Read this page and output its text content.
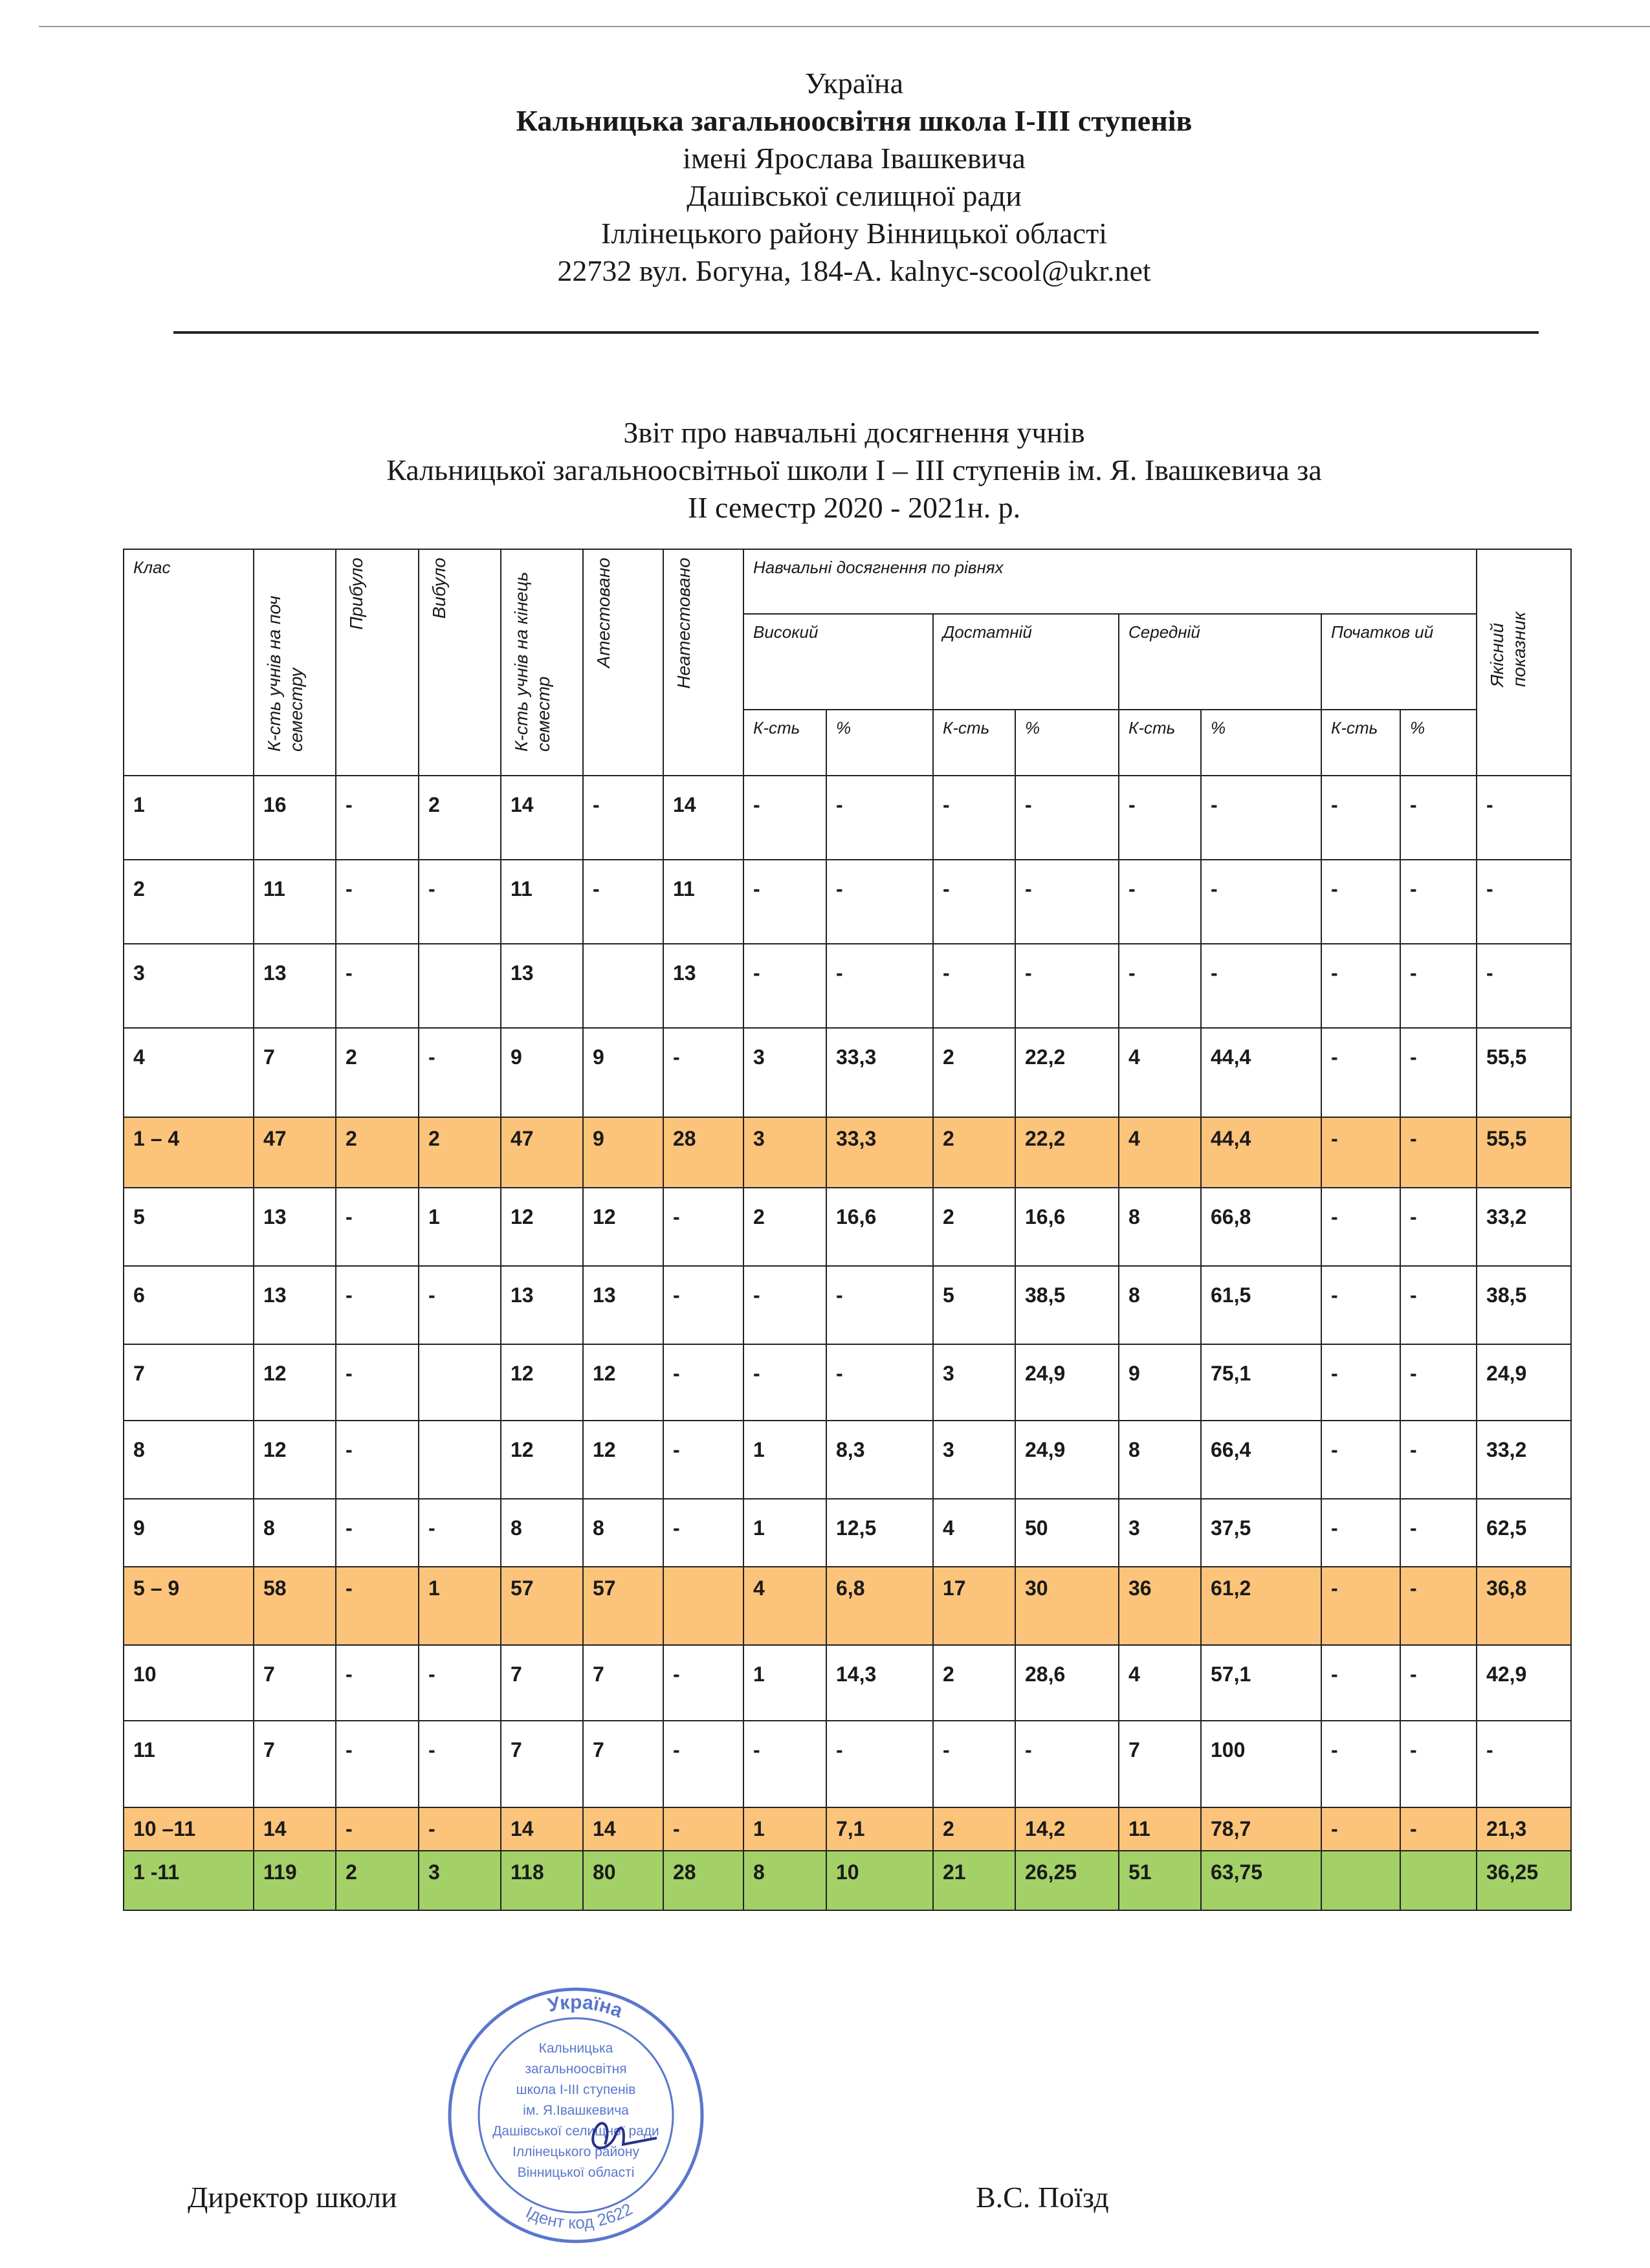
Україна
Кальницька загальноосвітня школа І-ІІІ ступенів
імені Ярослава Івашкевича
Дашівської селищної ради
Іллінецького району Вінницької області
22732 вул. Богуна, 184-А. kalnyc-scool@ukr.net
Звіт про навчальні досягнення учнів
Кальницької загальноосвітньої школи І – ІІІ ступенів ім. Я. Івашкевича за
ІІ семестр 2020 - 2021н. р.
Клас	К-сть учнів на поч семестру	Прибуло	Вибуло	К-сть учнів на кінець семестр	Атестовано	Неатестовано	Навчальні досягнення по рівнях								Якісний показник

							Високий		Достатній		Середній		Початков ий		
							К-сть	%	К-сть	%	К-сть	%	К-сть	%	
1	16	-	2	14	-	14	-	-	-	-	-	-	-	-	-
2	11	-	-	11	-	11	-	-	-	-	-	-	-	-	-
3	13	-		13		13	-	-	-	-	-	-	-	-	-
4	7	2	-	9	9	-	3	33,3	2	22,2	4	44,4	-	-	55,5
1 – 4	47	2	2	47	9	28	3	33,3	2	22,2	4	44,4	-	-	55,5
5	13	-	1	12	12	-	2	16,6	2	16,6	8	66,8	-	-	33,2
6	13	-	-	13	13	-	-	-	5	38,5	8	61,5	-	-	38,5
7	12	-		12	12	-	-	-	3	24,9	9	75,1	-	-	24,9
8	12	-		12	12	-	1	8,3	3	24,9	8	66,4	-	-	33,2
9	8	-	-	8	8	-	1	12,5	4	50	3	37,5	-	-	62,5
5 – 9	58	-	1	57	57		4	6,8	17	30	36	61,2	-	-	36,8
10	7	-	-	7	7	-	1	14,3	2	28,6	4	57,1	-	-	42,9
11	7	-	-	7	7	-	-	-	-	-	7	100	-	-	-
10 –11	14	-	-	14	14	-	1	7,1	2	14,2	11	78,7	-	-	21,3
1 -11	119	2	3	118	80	28	8	10	21	26,25	51	63,75			36,25
Директор школи	В.С. Поїзд
Україна
Ідент код 2622
Кальницька
загальноосвітня
школа І-ІІІ ступенів
ім. Я.Івашкевича
Дашівської селищної ради
Іллінецького району
Вінницької області
